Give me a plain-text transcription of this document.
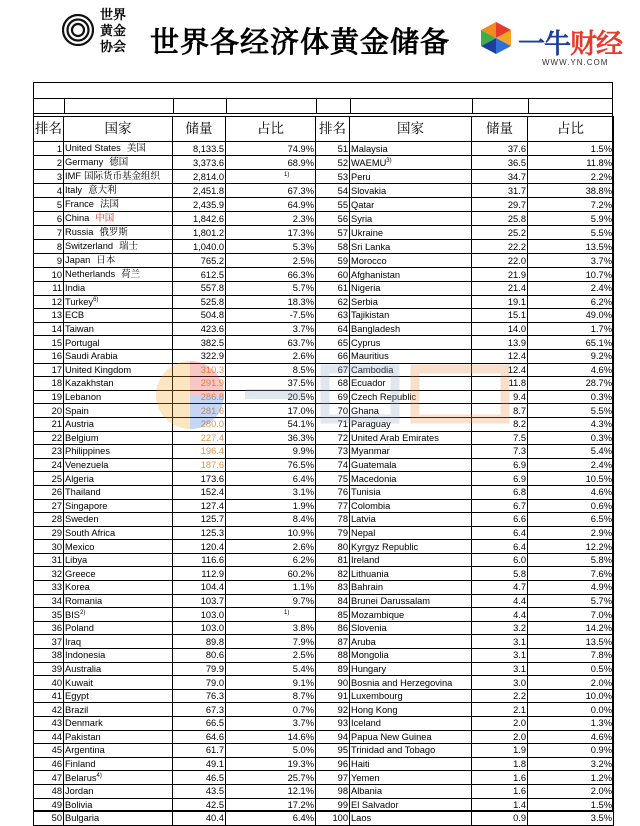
世界
黄金
协会 世界各经济体黄金储备	一牛财经
WWW.YN.COM
排名	国家	储量	占比	排名	国家	储量	占比
1	United States 美国	8,133.5	74.9%	51	Malaysia	37.6	1.5%
2	Germany 德国	3,373.6	68.9%	52	WAEMU$^{3)}$	36.5	11.8%
3	IMF 国际货币基金组织	2,814.0	$^{1)}$	53	Peru	34.7	2.2%
4	Italy 意大利	2,451.8	67.3%	54	Slovakia	31.7	38.8%
5	France 法国	2,435.9	64.9%	55	Qatar	29.7	7.2%
6	China 中国	1,842.6	2.3%	56	Syria	25.8	5.9%
7	Russia 俄罗斯	1,801.2	17.3%	57	Ukraine	25.2	5.5%
8	Switzerland 瑞士	1,040.0	5.3%	58	Sri Lanka	22.2	13.5%
9	Japan 日本	765.2	2.5%	59	Morocco	22.0	3.7%
10	Netherlands 荷兰	612.5	66.3%	60	Afghanistan	21.9	10.7%
11	India	557.8	5.7%	61	Nigeria	21.4	2.4%
12	Turkey$^{6)}$	525.8	18.3%	62	Serbia	19.1	6.2%
13	ECB	504.8	-7.5%	63	Tajikistan	15.1	49.0%
14	Taiwan	423.6	3.7%	64	Bangladesh	14.0	1.7%
15	Portugal	382.5	63.7%	65	Cyprus	13.9	65.1%
16	Saudi Arabia	322.9	2.6%	66	Mauritius	12.4	9.2%
17	United Kingdom	310.3	8.5%	67	Cambodia	12.4	4.6%
18	Kazakhstan	291.9	37.5%	68	Ecuador	11.8	28.7%
19	Lebanon	286.8	20.5%	69	Czech Republic	9.4	0.3%
20	Spain	281.6	17.0%	70	Ghana	8.7	5.5%
21	Austria	280.0	54.1%	71	Paraguay	8.2	4.3%
22	Belgium	227.4	36.3%	72	United Arab Emirates	7.5	0.3%
23	Philippines	196.4	9.9%	73	Myanmar	7.3	5.4%
24	Venezuela	187.6	76.5%	74	Guatemala	6.9	2.4%
25	Algeria	173.6	6.4%	75	Macedonia	6.9	10.5%
26	Thailand	152.4	3.1%	76	Tunisia	6.8	4.6%
27	Singapore	127.4	1.9%	77	Colombia	6.7	0.6%
28	Sweden	125.7	8.4%	78	Latvia	6.6	6.5%
29	South Africa	125.3	10.9%	79	Nepal	6.4	2.9%
30	Mexico	120.4	2.6%	80	Kyrgyz Republic	6.4	12.2%
31	Libya	116.6	6.2%	81	Ireland	6.0	5.8%
32	Greece	112.9	60.2%	82	Lithuania	5.8	7.6%
33	Korea	104.4	1.1%	83	Bahrain	4.7	4.9%
34	Romania	103.7	9.7%	84	Brunei Darussalam	4.4	5.7%
35	BIS$^{2)}$	103.0	$^{1)}$	85	Mozambique	4.4	7.0%
36	Poland	103.0	3.8%	86	Slovenia	3.2	14.2%
37	Iraq	89.8	7.9%	87	Aruba	3.1	13.5%
38	Indonesia	80.6	2.5%	88	Mongolia	3.1	7.8%
39	Australia	79.9	5.4%	89	Hungary	3.1	0.5%
40	Kuwait	79.0	9.1%	90	Bosnia and Herzegovina	3.0	2.0%
41	Egypt	76.3	8.7%	91	Luxembourg	2.2	10.0%
42	Brazil	67.3	0.7%	92	Hong Kong	2.1	0.0%
43	Denmark	66.5	3.7%	93	Iceland	2.0	1.3%
44	Pakistan	64.6	14.6%	94	Papua New Guinea	2.0	4.6%
45	Argentina	61.7	5.0%	95	Trinidad and Tobago	1.9	0.9%
46	Finland	49.1	19.3%	96	Haiti	1.8	3.2%
47	Belarus$^{4)}$	46.5	25.7%	97	Yemen	1.6	1.2%
48	Jordan	43.5	12.1%	98	Albania	1.6	2.0%
49	Bolivia	42.5	17.2%	99	El Salvador	1.4	1.5%
50	Bulgaria	40.4	6.4%	100	Laos	0.9	3.5%
